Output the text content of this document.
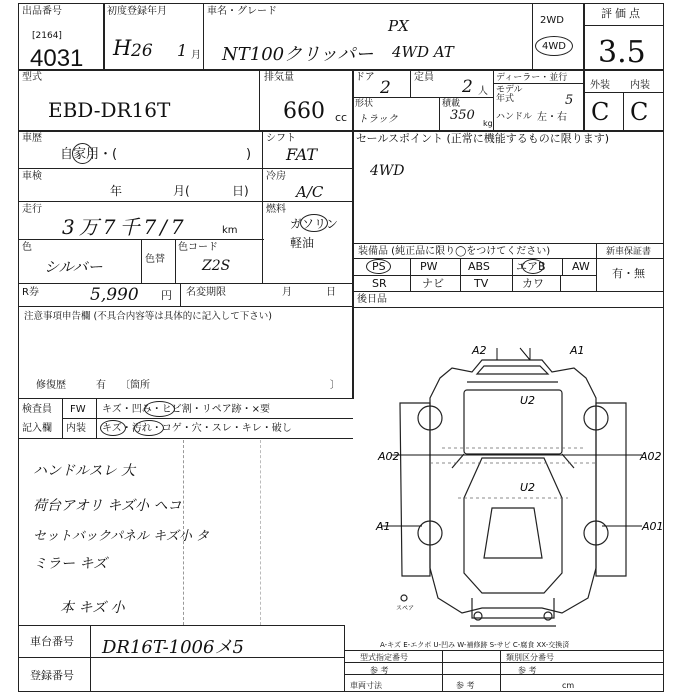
出品番号
[2164]
4031
初度登録年月
H 26 1 月
車名・グレード
PX
NT100クリッパー 4WD AT
2WD
4WD
評価点
3.5
型式
EBD-DR16T
排気量
660 cc
ドア
2
定員 2 人
ディーラー・並行
モデル年式	5
ハンドル 左・右
形状
トラック
積載
350
kg
外装 内装
C C
車歴
自家用・(	)
車検
年	月(	日)
走行
3万7千7/7	km
色
シルバー	色替
色コード
Z2S
R券	5,990 円 名変期限	月	日
注意事項申告欄 (不具合内容等は具体的に記入して下さい)
修復歴	有 〔箇所	〕
検査員
記入欄
FW キズ・凹み・ヒビ割・リペア跡・×要
内装 キズ・汚れ・コゲ・穴・スレ・キレ・破し
ハンドルスレ 大
荷台アオリ キズ小 ヘコ
セットバックパネル キズ小 タ
ミラー キズ
本 キズ 小
車台番号 DR16T-1006メ5
登録番号
シフト
FAT
冷房
A/C
燃料
ガソリン
軽油
セールスポイント (正常に機能するものに限ります)
4WD
装備品 (純正品に限り◯をつけてください)
PS	PW	ABS エアB AW
SR	ナビ	TV	カワ
新車保証書
有・無
後日品
A2	A1
U2
U2
A02	A02
A1	A01
スペア
A-キズ E-エクボ U-凹み W-補修跡 S-サビ C-腐食 XX-交換済
型式指定番号
参 考
類別区分番号
参 考
車両寸法	参 考	cm
